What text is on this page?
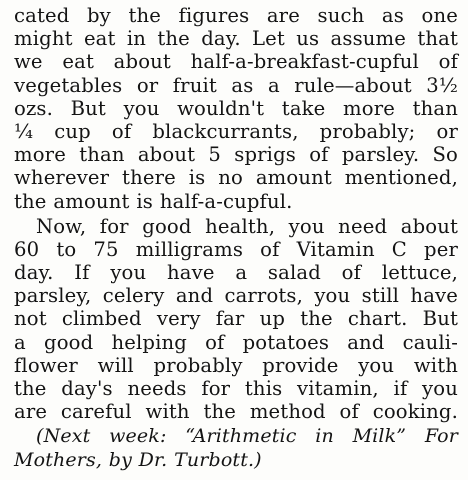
cated by the figures are such as one
might eat in the day. Let us assume that
we eat about half-a-breakfast-cupful of
vegetables or fruit as a rule—about 3½
ozs. But you wouldn't take more than
¼ cup of blackcurrants, probably; or
more than about 5 sprigs of parsley. So
wherever there is no amount mentioned,
the amount is half-a-cupful.
Now, for good health, you need about
60 to 75 milligrams of Vitamin C per
day. If you have a salad of lettuce,
parsley, celery and carrots, you still have
not climbed very far up the chart. But
a good helping of potatoes and cauli-
flower will probably provide you with
the day's needs for this vitamin, if you
are careful with the method of cooking.
(Next week: “Arithmetic in Milk” For
Mothers, by Dr. Turbott.)
